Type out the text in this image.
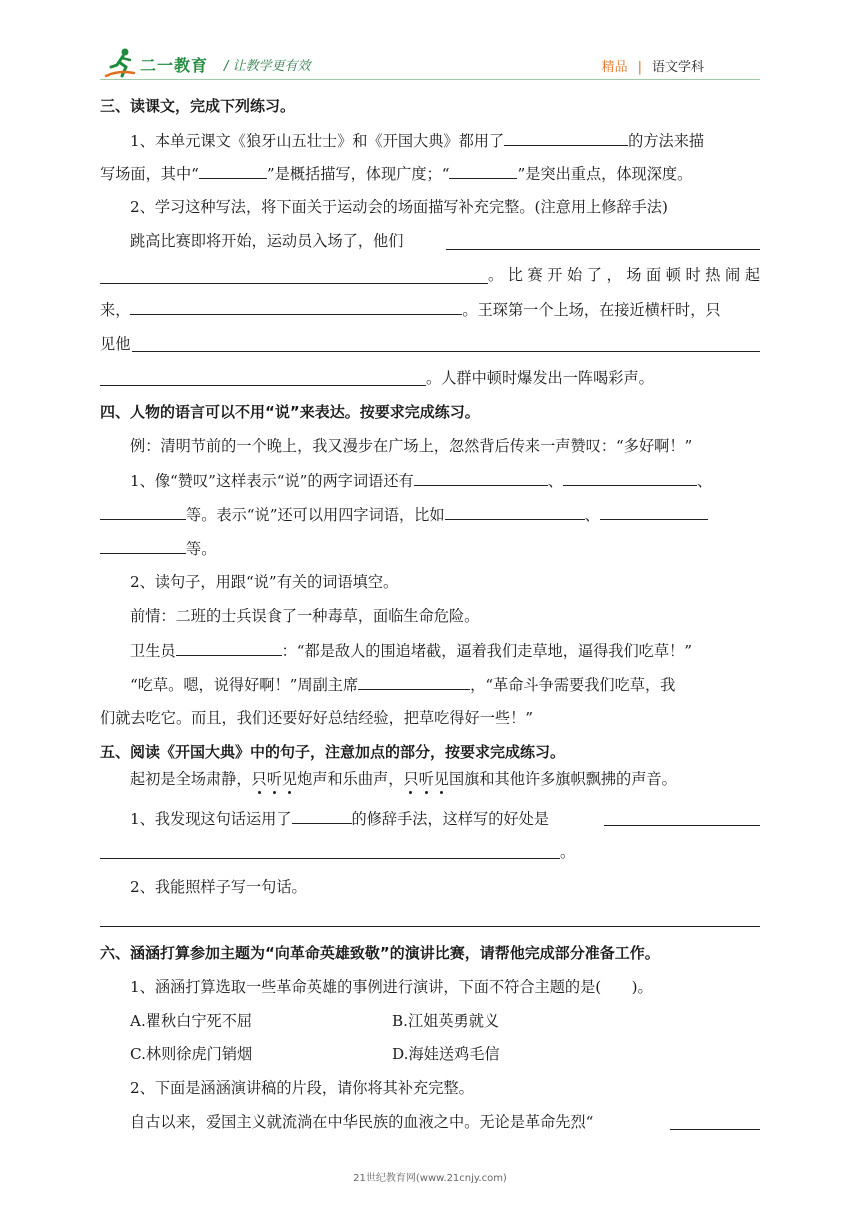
二一教育 / 让教学更有效	精品 | 语文学科
三、读课文，完成下列练习。
1、本单元课文《狼牙山五壮士》和《开国大典》都用了	的方法来描
写场面，其中“	”是概括描写，体现广度；“	”是突出重点，体现深度。
2、学习这种写法，将下面关于运动会的场面描写补充完整。(注意用上修辞手法)
跳高比赛即将开始，运动员入场了，他们
。比赛开始了，场面顿时热闹起
来，	。王琛第一个上场，在接近横杆时，只
见他
。人群中顿时爆发出一阵喝彩声。
四、人物的语言可以不用“说”来表达。按要求完成练习。
例：清明节前的一个晚上，我又漫步在广场上，忽然背后传来一声赞叹：“多好啊！”
1、像“赞叹”这样表示“说”的两字词语还有	、	、
等。表示“说”还可以用四字词语，比如	、
等。
2、读句子，用跟“说”有关的词语填空。
前情：二班的士兵误食了一种毒草，面临生命危险。
卫生员	：“都是敌人的围追堵截，逼着我们走草地，逼得我们吃草！”
“吃草。嗯，说得好啊！”周副主席	，“革命斗争需要我们吃草，我
们就去吃它。而且，我们还要好好总结经验，把草吃得好一些！”
五、阅读《开国大典》中的句子，注意加点的部分，按要求完成练习。
起初是全场肃静，只听见炮声和乐曲声，只听见国旗和其他许多旗帜飘拂的声音。
1、我发现这句话运用了	的修辞手法，这样写的好处是
。
2、我能照样子写一句话。
六、涵涵打算参加主题为“向革命英雄致敬”的演讲比赛，请帮他完成部分准备工作。
1、涵涵打算选取一些革命英雄的事例进行演讲，下面不符合主题的是(　　)。
A.瞿秋白宁死不屈	B.江姐英勇就义
C.林则徐虎门销烟	D.海娃送鸡毛信
2、下面是涵涵演讲稿的片段，请你将其补充完整。
自古以来，爱国主义就流淌在中华民族的血液之中。无论是革命先烈“
21世纪教育网(www.21cnjy.com)
